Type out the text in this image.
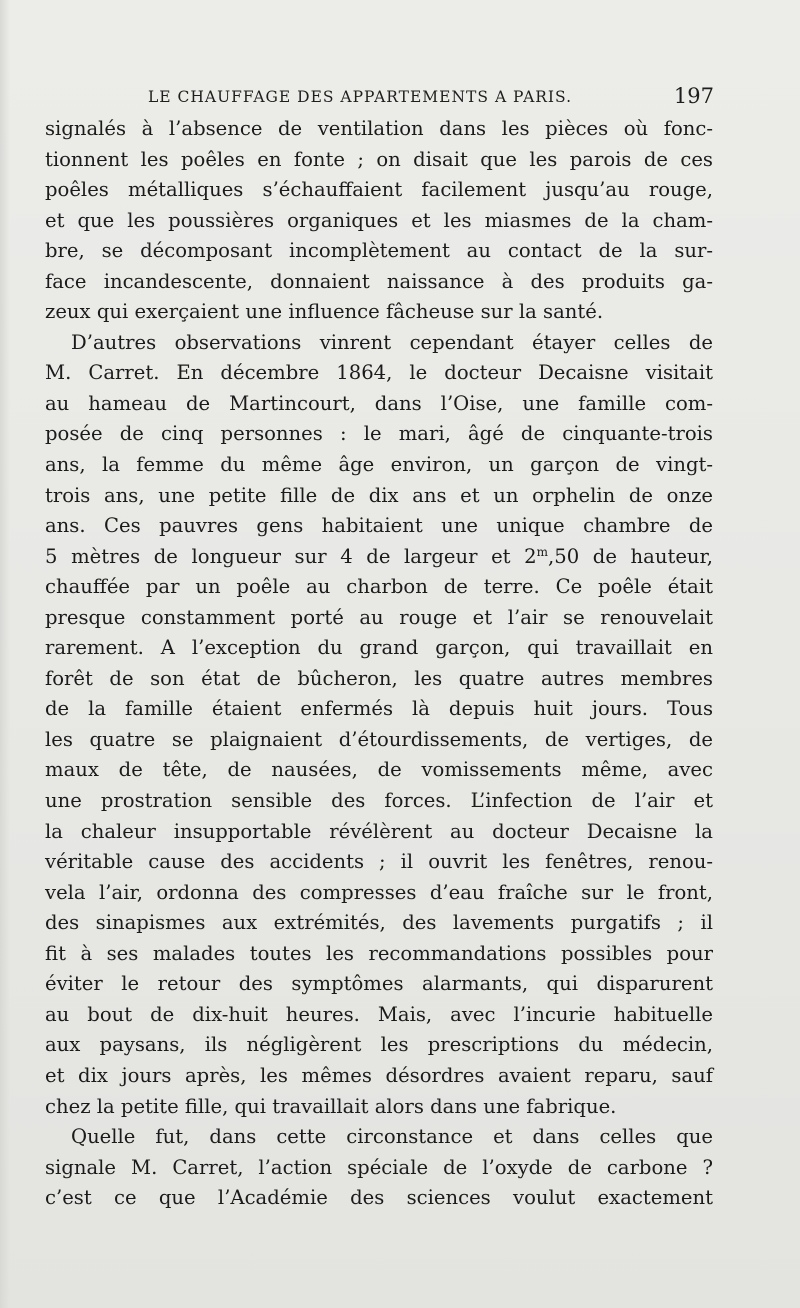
LE CHAUFFAGE DES APPARTEMENTS A PARIS.	197
signalés à l’absence de ventilation dans les pièces où fonc-
tionnent les poêles en fonte ; on disait que les parois de ces
poêles métalliques s’échauffaient facilement jusqu’au rouge,
et que les poussières organiques et les miasmes de la cham-
bre, se décomposant incomplètement au contact de la sur-
face incandescente, donnaient naissance à des produits ga-
zeux qui exerçaient une influence fâcheuse sur la santé.
D’autres observations vinrent cependant étayer celles de
M. Carret. En décembre 1864, le docteur Decaisne visitait
au hameau de Martincourt, dans l’Oise, une famille com-
posée de cinq personnes : le mari, âgé de cinquante-trois
ans, la femme du même âge environ, un garçon de vingt-
trois ans, une petite fille de dix ans et un orphelin de onze
ans. Ces pauvres gens habitaient une unique chambre de
5 mètres de longueur sur 4 de largeur et 2$^m$,50 de hauteur,
chauffée par un poêle au charbon de terre. Ce poêle était
presque constamment porté au rouge et l’air se renouvelait
rarement. A l’exception du grand garçon, qui travaillait en
forêt de son état de bûcheron, les quatre autres membres
de la famille étaient enfermés là depuis huit jours. Tous
les quatre se plaignaient d’étourdissements, de vertiges, de
maux de tête, de nausées, de vomissements même, avec
une prostration sensible des forces. L’infection de l’air et
la chaleur insupportable révélèrent au docteur Decaisne la
véritable cause des accidents ; il ouvrit les fenêtres, renou-
vela l’air, ordonna des compresses d’eau fraîche sur le front,
des sinapismes aux extrémités, des lavements purgatifs ; il
fit à ses malades toutes les recommandations possibles pour
éviter le retour des symptômes alarmants, qui disparurent
au bout de dix-huit heures. Mais, avec l’incurie habituelle
aux paysans, ils négligèrent les prescriptions du médecin,
et dix jours après, les mêmes désordres avaient reparu, sauf
chez la petite fille, qui travaillait alors dans une fabrique.
Quelle fut, dans cette circonstance et dans celles que
signale M. Carret, l’action spéciale de l’oxyde de carbone ?
c’est ce que l’Académie des sciences voulut exactement
